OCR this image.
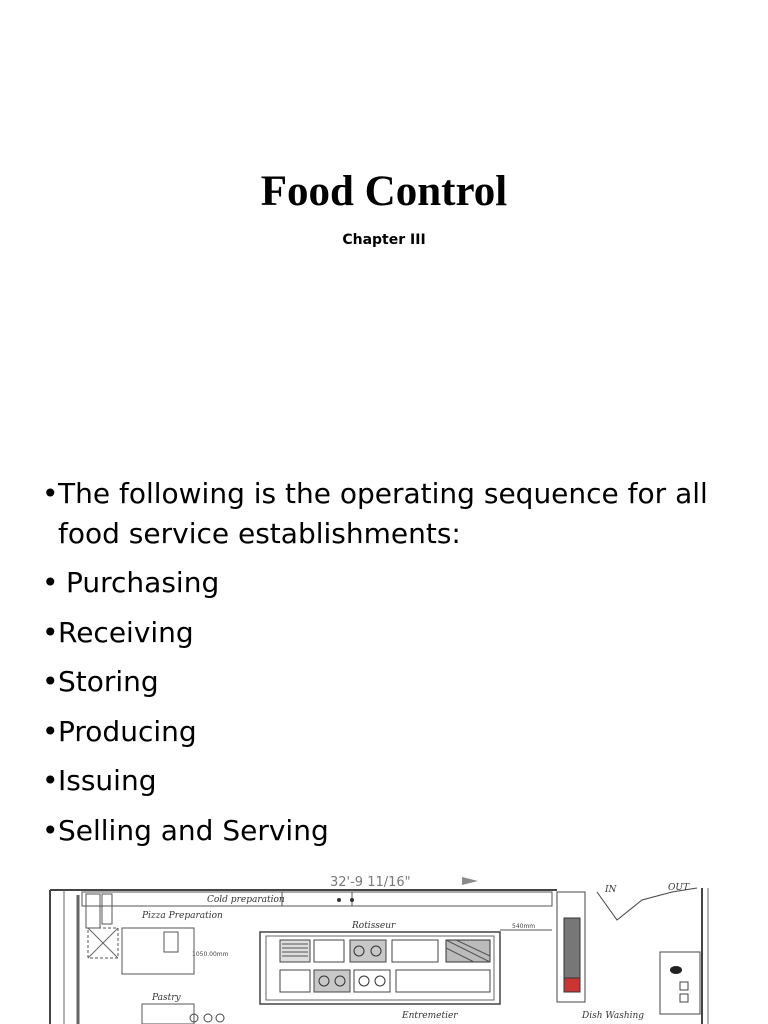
Food Control
Chapter III
• The following is the operating sequence for all food service establishments:
• Purchasing
• Receiving
• Storing
• Producing
• Issuing
• Selling and Serving
32'-9 11/16"
Cold preparation
Pizza Preparation
1050.00mm
Pastry
Rotisseur
Entremetier
540mm
Dish Washing
IN	OUT
